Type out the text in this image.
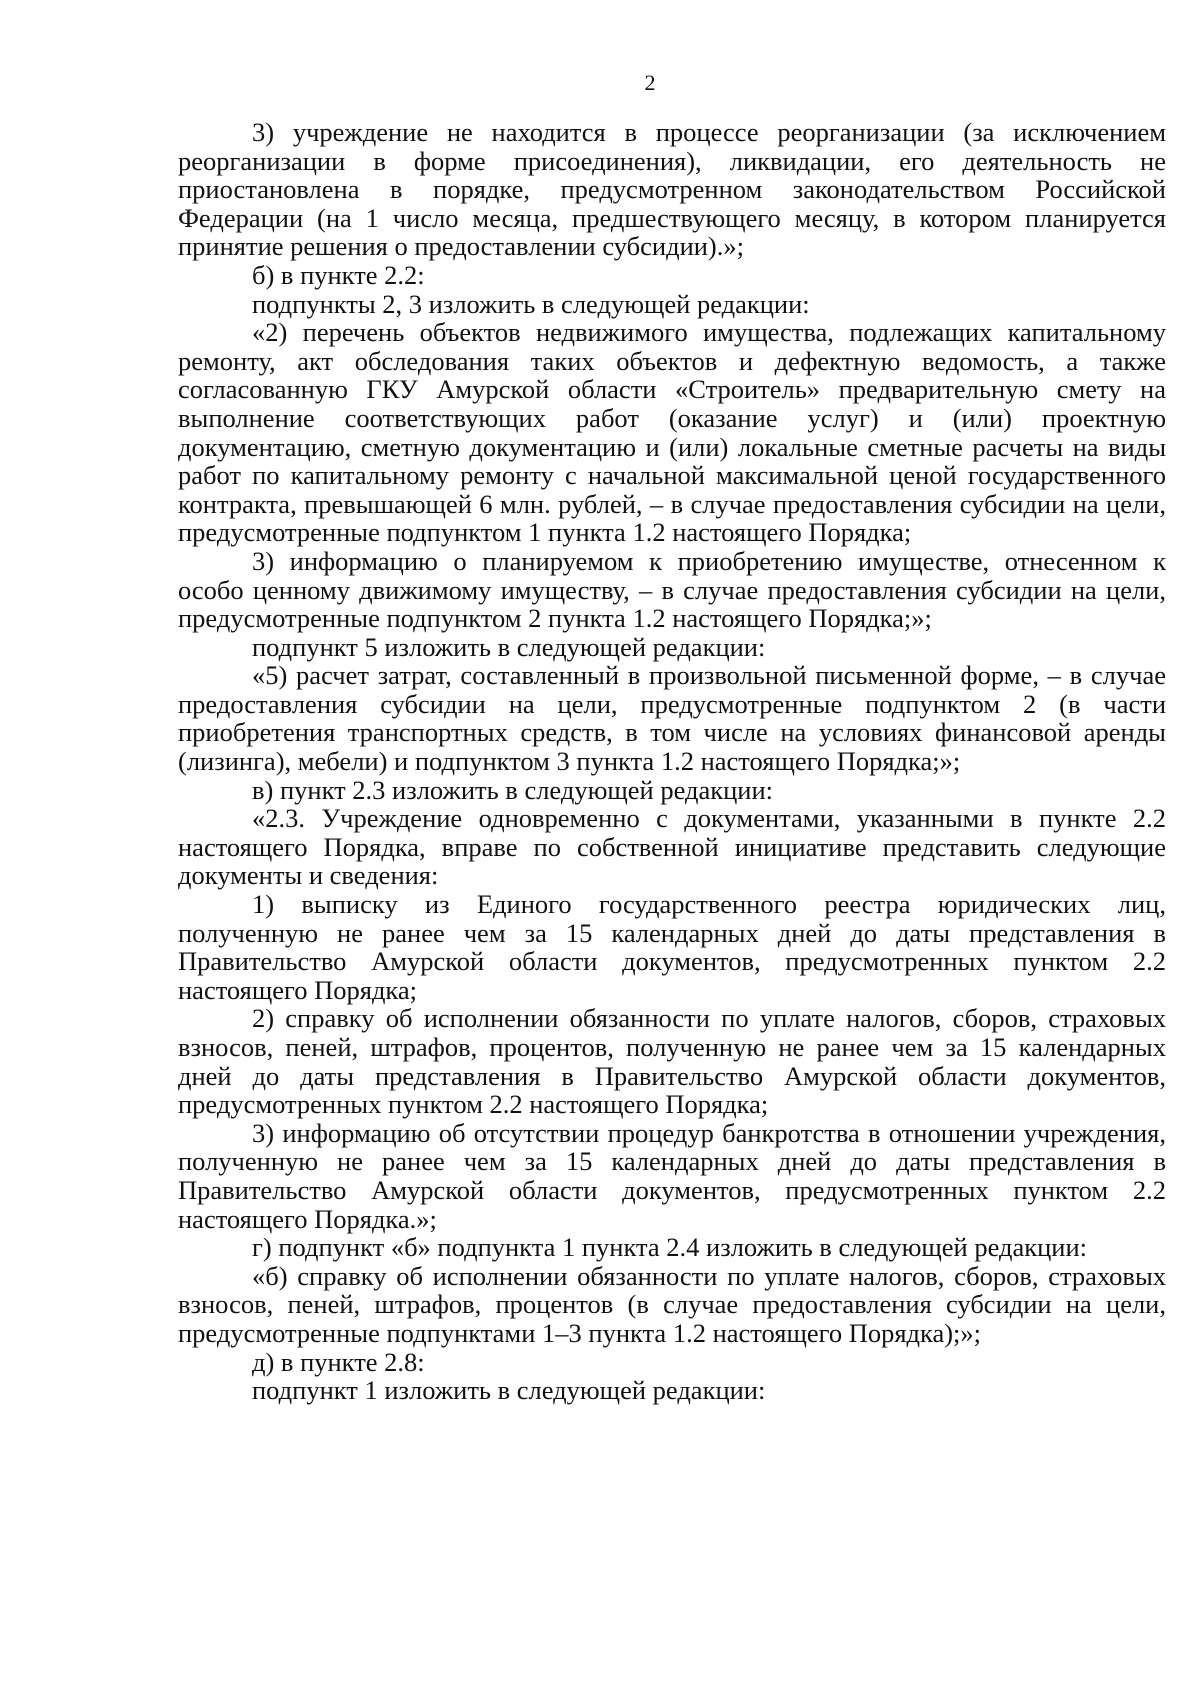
2

3) учреждение не находится в процессе реорганизации (за исключением реорганизации в форме присоединения), ликвидации, его деятельность не приостановлена в порядке, предусмотренном законодательством Российской Федерации (на 1 число месяца, предшествующего месяцу, в котором планируется принятие решения о предоставлении субсидии).»;

б) в пункте 2.2:

подпункты 2, 3 изложить в следующей редакции:

«2) перечень объектов недвижимого имущества, подлежащих капитальному ремонту, акт обследования таких объектов и дефектную ведомость, а также согласованную ГКУ Амурской области «Строитель» предварительную смету на выполнение соответствующих работ (оказание услуг) и (или) проектную документацию, сметную документацию и (или) локальные сметные расчеты на виды работ по капитальному ремонту с начальной максимальной ценой государственного контракта, превышающей 6 млн. рублей, – в случае предоставления субсидии на цели, предусмотренные подпунктом 1 пункта 1.2 настоящего Порядка;

3) информацию о планируемом к приобретению имуществе, отнесенном к особо ценному движимому имуществу, – в случае предоставления субсидии на цели, предусмотренные подпунктом 2 пункта 1.2 настоящего Порядка;»;

подпункт 5 изложить в следующей редакции:

«5) расчет затрат, составленный в произвольной письменной форме, – в случае предоставления субсидии на цели, предусмотренные подпунктом 2 (в части приобретения транспортных средств, в том числе на условиях финансовой аренды (лизинга), мебели) и подпунктом 3 пункта 1.2 настоящего Порядка;»;

в) пункт 2.3 изложить в следующей редакции:

«2.3. Учреждение одновременно с документами, указанными в пункте 2.2 настоящего Порядка, вправе по собственной инициативе представить следующие документы и сведения:

1) выписку из Единого государственного реестра юридических лиц, полученную не ранее чем за 15 календарных дней до даты представления в Правительство Амурской области документов, предусмотренных пунктом 2.2 настоящего Порядка;

2) справку об исполнении обязанности по уплате налогов, сборов, страховых взносов, пеней, штрафов, процентов, полученную не ранее чем за 15 календарных дней до даты представления в Правительство Амурской области документов, предусмотренных пунктом 2.2 настоящего Порядка;

3) информацию об отсутствии процедур банкротства в отношении учреждения, полученную не ранее чем за 15 календарных дней до даты представления в Правительство Амурской области документов, предусмотренных пунктом 2.2 настоящего Порядка.»;

г) подпункт «б» подпункта 1 пункта 2.4 изложить в следующей редакции:

«б) справку об исполнении обязанности по уплате налогов, сборов, страховых взносов, пеней, штрафов, процентов (в случае предоставления субсидии на цели, предусмотренные подпунктами 1–3 пункта 1.2 настоящего Порядка);»;

д) в пункте 2.8:

подпункт 1 изложить в следующей редакции:
